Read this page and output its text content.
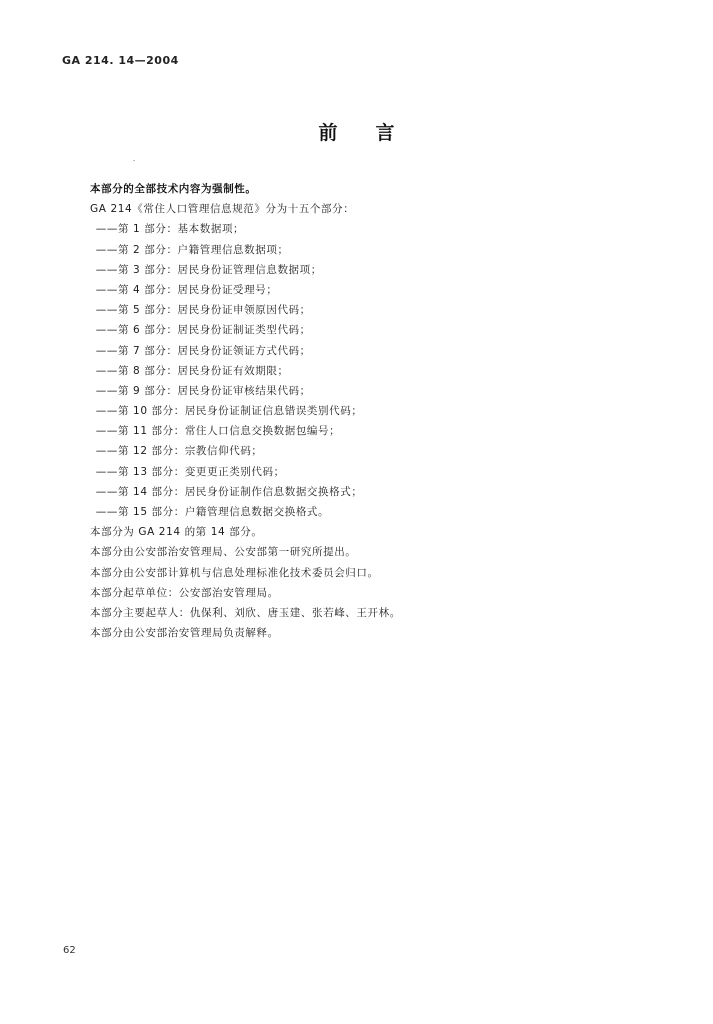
GA 214. 14—2004
前 言
本部分的全部技术内容为强制性。
GA 214《常住人口管理信息规范》分为十五个部分：
——第 1 部分：基本数据项；
——第 2 部分：户籍管理信息数据项；
——第 3 部分：居民身份证管理信息数据项；
——第 4 部分：居民身份证受理号；
——第 5 部分：居民身份证申领原因代码；
——第 6 部分：居民身份证制证类型代码；
——第 7 部分：居民身份证领证方式代码；
——第 8 部分：居民身份证有效期限；
——第 9 部分：居民身份证审核结果代码；
——第 10 部分：居民身份证制证信息错误类别代码；
——第 11 部分：常住人口信息交换数据包编号；
——第 12 部分：宗教信仰代码；
——第 13 部分：变更更正类别代码；
——第 14 部分：居民身份证制作信息数据交换格式；
——第 15 部分：户籍管理信息数据交换格式。
本部分为 GA 214 的第 14 部分。
本部分由公安部治安管理局、公安部第一研究所提出。
本部分由公安部计算机与信息处理标准化技术委员会归口。
本部分起草单位：公安部治安管理局。
本部分主要起草人：仇保利、刘欣、唐玉建、张若峰、王开林。
本部分由公安部治安管理局负责解释。
62
